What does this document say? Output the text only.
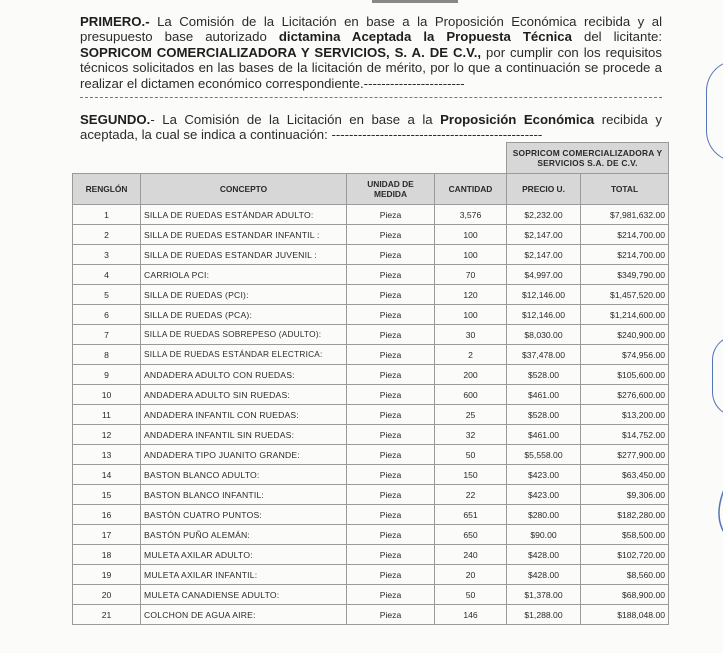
PRIMERO.- La Comisión de la Licitación en base a la Proposición Económica recibida y al presupuesto base autorizado dictamina Aceptada la Propuesta Técnica del licitante: SOPRICOM COMERCIALIZADORA Y SERVICIOS, S. A. DE C.V., por cumplir con los requisitos técnicos solicitados en las bases de la licitación de mérito, por lo que a continuación se procede a realizar el dictamen económico correspondiente.-----------------------
SEGUNDO.- La Comisión de la Licitación en base a la Proposición Económica recibida y aceptada, la cual se indica a continuación: ------------------------------------------------
				SOPRICOM COMERCIALIZADORA Y SERVICIOS S.A. DE C.V.	
RENGLÓN	CONCEPTO	UNIDAD DE MEDIDA	CANTIDAD	PRECIO U.	TOTAL
1	SILLA DE RUEDAS ESTÁNDAR ADULTO:	Pieza	3,576	$2,232.00	$7,981,632.00
2	SILLA DE RUEDAS ESTANDAR INFANTIL :	Pieza	100	$2,147.00	$214,700.00
3	SILLA DE RUEDAS ESTANDAR JUVENIL :	Pieza	100	$2,147.00	$214,700.00
4	CARRIOLA PCI:	Pieza	70	$4,997.00	$349,790.00
5	SILLA DE RUEDAS (PCI):	Pieza	120	$12,146.00	$1,457,520.00
6	SILLA DE RUEDAS (PCA):	Pieza	100	$12,146.00	$1,214,600.00
7	SILLA DE RUEDAS SOBREPESO (ADULTO):	Pieza	30	$8,030.00	$240,900.00
8	SILLA DE RUEDAS ESTÁNDAR ELECTRICA:	Pieza	2	$37,478.00	$74,956.00
9	ANDADERA ADULTO CON RUEDAS:	Pieza	200	$528.00	$105,600.00
10	ANDADERA ADULTO SIN RUEDAS:	Pieza	600	$461.00	$276,600.00
11	ANDADERA INFANTIL CON RUEDAS:	Pieza	25	$528.00	$13,200.00
12	ANDADERA INFANTIL SIN RUEDAS:	Pieza	32	$461.00	$14,752.00
13	ANDADERA TIPO JUANITO GRANDE:	Pieza	50	$5,558.00	$277,900.00
14	BASTON BLANCO ADULTO:	Pieza	150	$423.00	$63,450.00
15	BASTON BLANCO INFANTIL:	Pieza	22	$423.00	$9,306.00
16	BASTÓN CUATRO PUNTOS:	Pieza	651	$280.00	$182,280.00
17	BASTÓN PUÑO ALEMÁN:	Pieza	650	$90.00	$58,500.00
18	MULETA AXILAR ADULTO:	Pieza	240	$428.00	$102,720.00
19	MULETA AXILAR INFANTIL:	Pieza	20	$428.00	$8,560.00
20	MULETA CANADIENSE ADULTO:	Pieza	50	$1,378.00	$68,900.00
21	COLCHON DE AGUA AIRE:	Pieza	146	$1,288.00	$188,048.00
